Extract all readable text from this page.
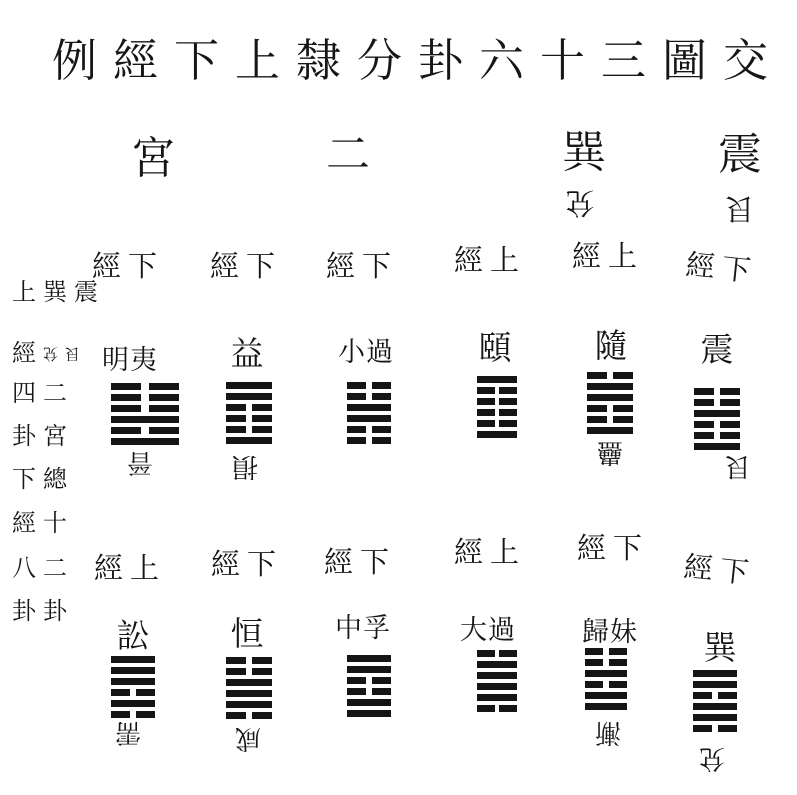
例經下上隸分卦六十三圖交
宮	二	巽
兌
震
艮
上 巽 震
經 兌 艮
四 二
卦 宮
下 總
經 十
八 二
卦 卦
經下
明夷
晉
經上
訟
需
經下
益
損
經下
恒
咸
經下
小過
經下
中孚
經上
頤
經上
大過
經上
隨
蠱
經下
歸妹
漸
經下
震
艮
經下
巽
兌
